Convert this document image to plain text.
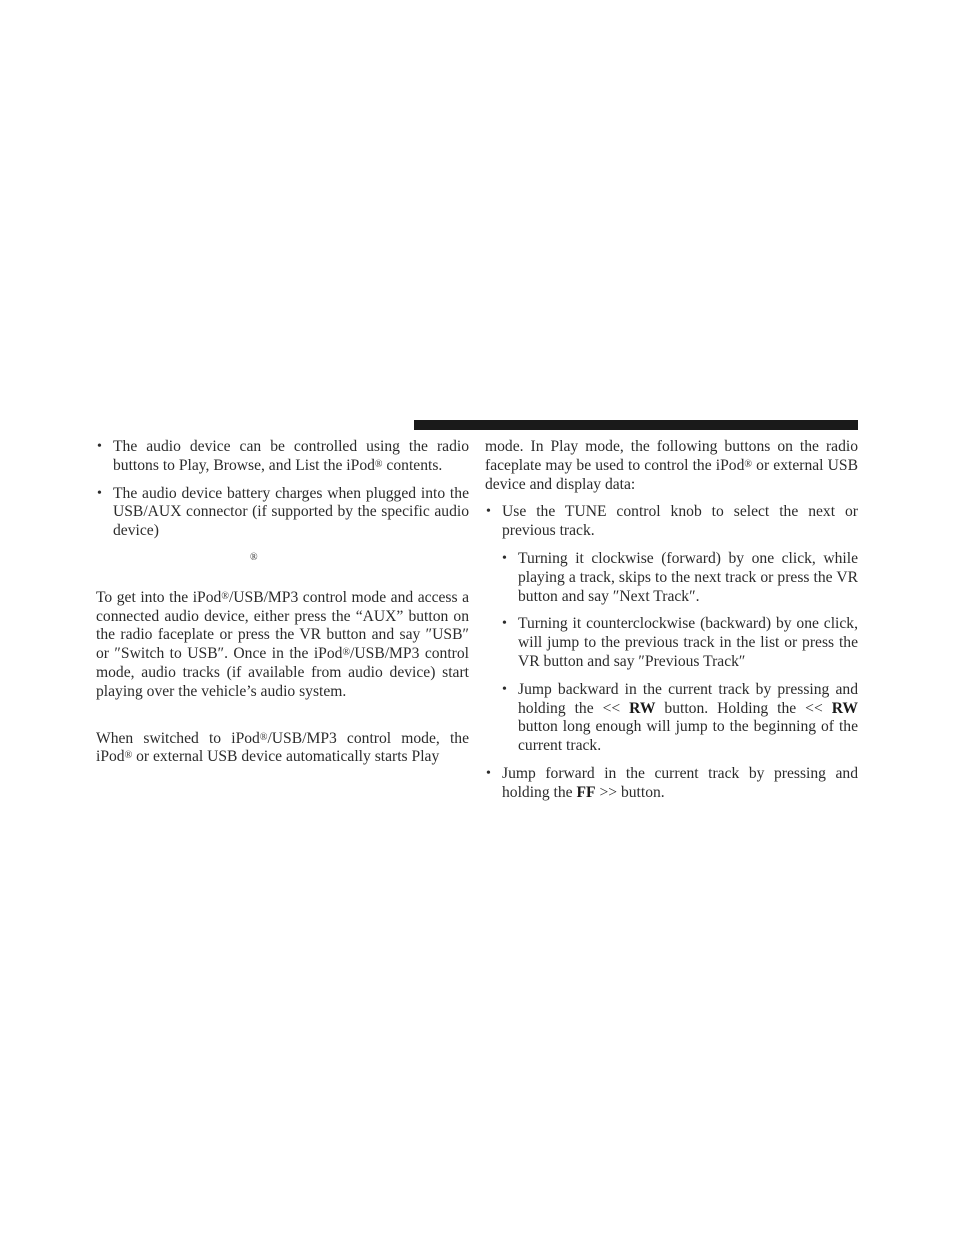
• The audio device can be controlled using the radio buttons to Play, Browse, and List the iPod® contents.
• The audio device battery charges when plugged into the USB/AUX connector (if supported by the specific audio device)
®

To get into the iPod®/USB/MP3 control mode and access a connected audio device, either press the “AUX” button on the radio faceplate or press the VR button and say ″USB″ or ″Switch to USB″. Once in the iPod®/USB/MP3 control mode, audio tracks (if available from audio device) start playing over the vehicle’s audio system.

When switched to iPod®/USB/MP3 control mode, the iPod® or external USB device automatically starts Play

mode. In Play mode, the following buttons on the radio faceplate may be used to control the iPod® or external USB device and display data:

• Use the TUNE control knob to select the next or previous track.
• Turning it clockwise (forward) by one click, while playing a track, skips to the next track or press the VR button and say ″Next Track″.
• Turning it counterclockwise (backward) by one click, will jump to the previous track in the list or press the VR button and say ″Previous Track″
• Jump backward in the current track by pressing and holding the << RW button. Holding the << RW button long enough will jump to the beginning of the current track.
• Jump forward in the current track by pressing and holding the FF >> button.
